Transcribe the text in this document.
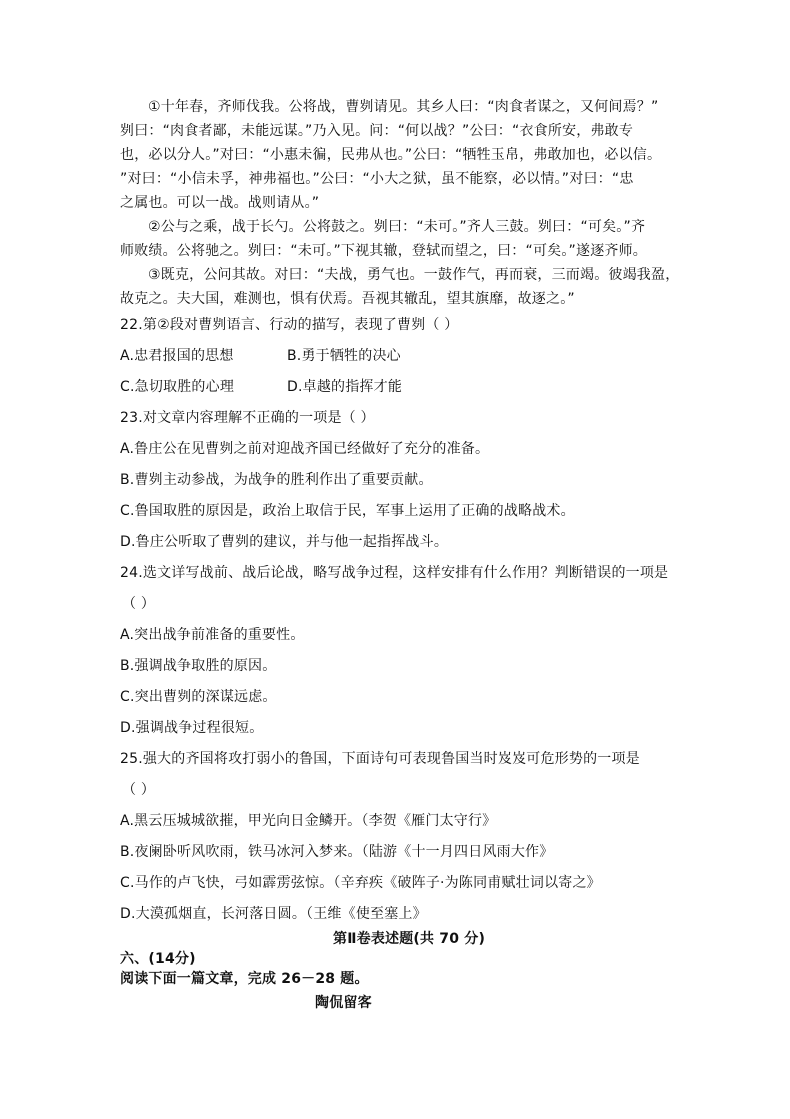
①十年春，齐师伐我。公将战，曹刿请见。其乡人曰：“肉食者谋之，又何间焉？”
刿曰：“肉食者鄙，未能远谋。”乃入见。问：“何以战？”公曰：“衣食所安，弗敢专
也，必以分人。”对曰：“小惠未徧，民弗从也。”公曰：“牺牲玉帛，弗敢加也，必以信。
”对曰：“小信未孚，神弗福也。”公曰：“小大之狱，虽不能察，必以情。”对曰：“忠
之属也。可以一战。战则请从。”
②公与之乘，战于长勺。公将鼓之。刿曰：“未可。”齐人三鼓。刿曰：“可矣。”齐
师败绩。公将驰之。刿曰：“未可。”下视其辙，登轼而望之，曰：“可矣。”遂逐齐师。
③既克，公问其故。对曰：“夫战，勇气也。一鼓作气，再而衰，三而竭。彼竭我盈，
故克之。夫大国，难测也，惧有伏焉。吾视其辙乱，望其旗靡，故逐之。”
22.第②段对曹刿语言、行动的描写，表现了曹刿（ ）
A.忠君报国的思想	B.勇于牺牲的决心
C.急切取胜的心理	D.卓越的指挥才能
23.对文章内容理解不正确的一项是（ ）
A.鲁庄公在见曹刿之前对迎战齐国已经做好了充分的准备。
B.曹刿主动参战，为战争的胜利作出了重要贡献。
C.鲁国取胜的原因是，政治上取信于民，军事上运用了正确的战略战术。
D.鲁庄公听取了曹刿的建议，并与他一起指挥战斗。
24.选文详写战前、战后论战，略写战争过程，这样安排有什么作用？判断错误的一项是
（ ）
A.突出战争前准备的重要性。
B.强调战争取胜的原因。
C.突出曹刿的深谋远虑。
D.强调战争过程很短。
25.强大的齐国将攻打弱小的鲁国，下面诗句可表现鲁国当时岌岌可危形势的一项是
（ ）
A.黑云压城城欲摧，甲光向日金鳞开。（李贺《雁门太守行》
B.夜阑卧听风吹雨，铁马冰河入梦来。（陆游《十一月四日风雨大作》
C.马作的卢飞快，弓如霹雳弦惊。（辛弃疾《破阵子·为陈同甫赋壮词以寄之》
D.大漠孤烟直，长河落日圆。（王维《使至塞上》
第Ⅱ卷表述题(共 70 分)
六、(14分)
阅读下面一篇文章，完成 26－28 题。
陶侃留客
